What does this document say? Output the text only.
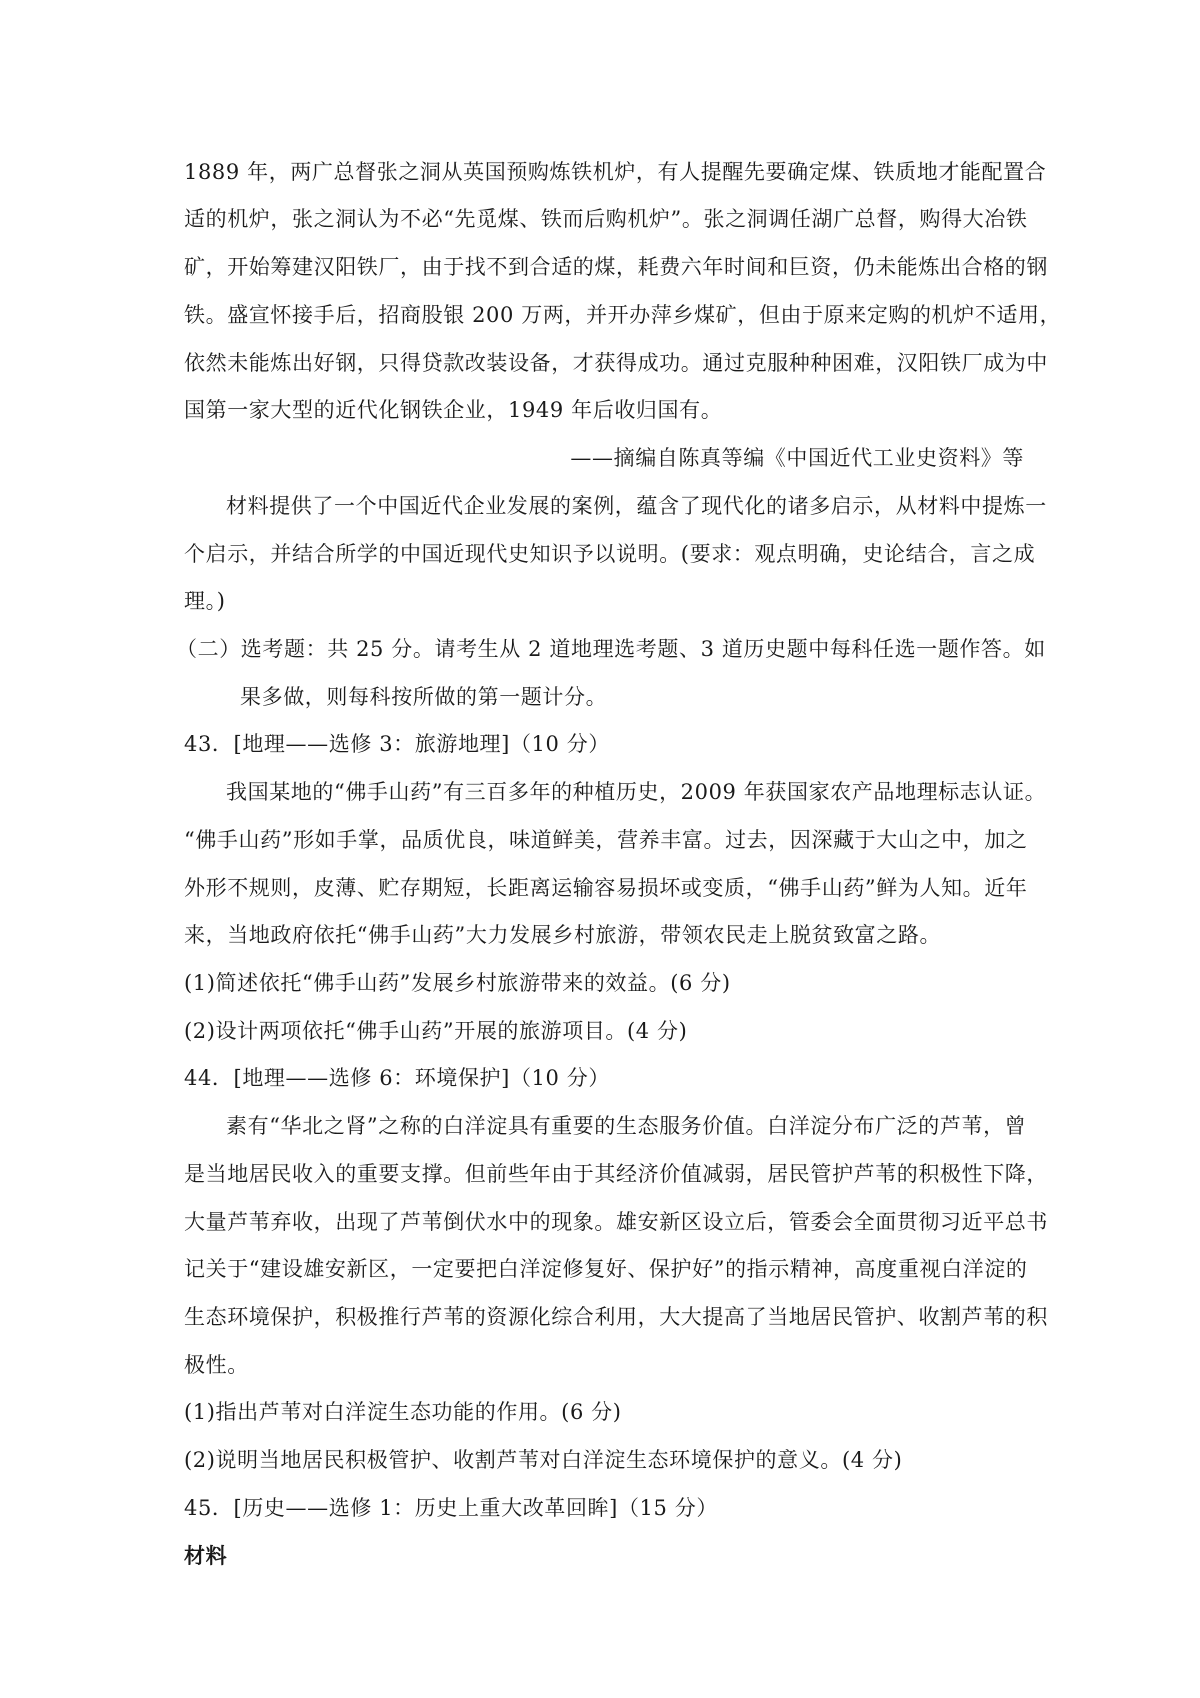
1889 年，两广总督张之洞从英国预购炼铁机炉，有人提醒先要确定煤、铁质地才能配置合
适的机炉，张之洞认为不必“先觅煤、铁而后购机炉”。张之洞调任湖广总督，购得大冶铁
矿，开始筹建汉阳铁厂，由于找不到合适的煤，耗费六年时间和巨资，仍未能炼出合格的钢
铁。盛宣怀接手后，招商股银 200 万两，并开办萍乡煤矿，但由于原来定购的机炉不适用，
依然未能炼出好钢，只得贷款改装设备，才获得成功。通过克服种种困难，汉阳铁厂成为中
国第一家大型的近代化钢铁企业，1949 年后收归国有。
——摘编自陈真等编《中国近代工业史资料》等
材料提供了一个中国近代企业发展的案例，蕴含了现代化的诸多启示，从材料中提炼一
个启示，并结合所学的中国近现代史知识予以说明。(要求：观点明确，史论结合，言之成
理。)
（二）选考题：共 25 分。请考生从 2 道地理选考题、3 道历史题中每科任选一题作答。如
果多做，则每科按所做的第一题计分。
43．[地理——选修 3：旅游地理]（10 分）
我国某地的“佛手山药”有三百多年的种植历史，2009 年获国家农产品地理标志认证。
“佛手山药”形如手掌，品质优良，味道鲜美，营养丰富。过去，因深藏于大山之中，加之
外形不规则，皮薄、贮存期短，长距离运输容易损坏或变质，“佛手山药”鲜为人知。近年
来，当地政府依托“佛手山药”大力发展乡村旅游，带领农民走上脱贫致富之路。
(1)简述依托“佛手山药”发展乡村旅游带来的效益。(6 分)
(2)设计两项依托“佛手山药”开展的旅游项目。(4 分)
44．[地理——选修 6：环境保护]（10 分）
素有“华北之肾”之称的白洋淀具有重要的生态服务价值。白洋淀分布广泛的芦苇，曾
是当地居民收入的重要支撑。但前些年由于其经济价值减弱，居民管护芦苇的积极性下降，
大量芦苇弃收，出现了芦苇倒伏水中的现象。雄安新区设立后，管委会全面贯彻习近平总书
记关于“建设雄安新区，一定要把白洋淀修复好、保护好”的指示精神，高度重视白洋淀的
生态环境保护，积极推行芦苇的资源化综合利用，大大提高了当地居民管护、收割芦苇的积
极性。
(1)指出芦苇对白洋淀生态功能的作用。(6 分)
(2)说明当地居民积极管护、收割芦苇对白洋淀生态环境保护的意义。(4 分)
45．[历史——选修 1：历史上重大改革回眸]（15 分）
材料
